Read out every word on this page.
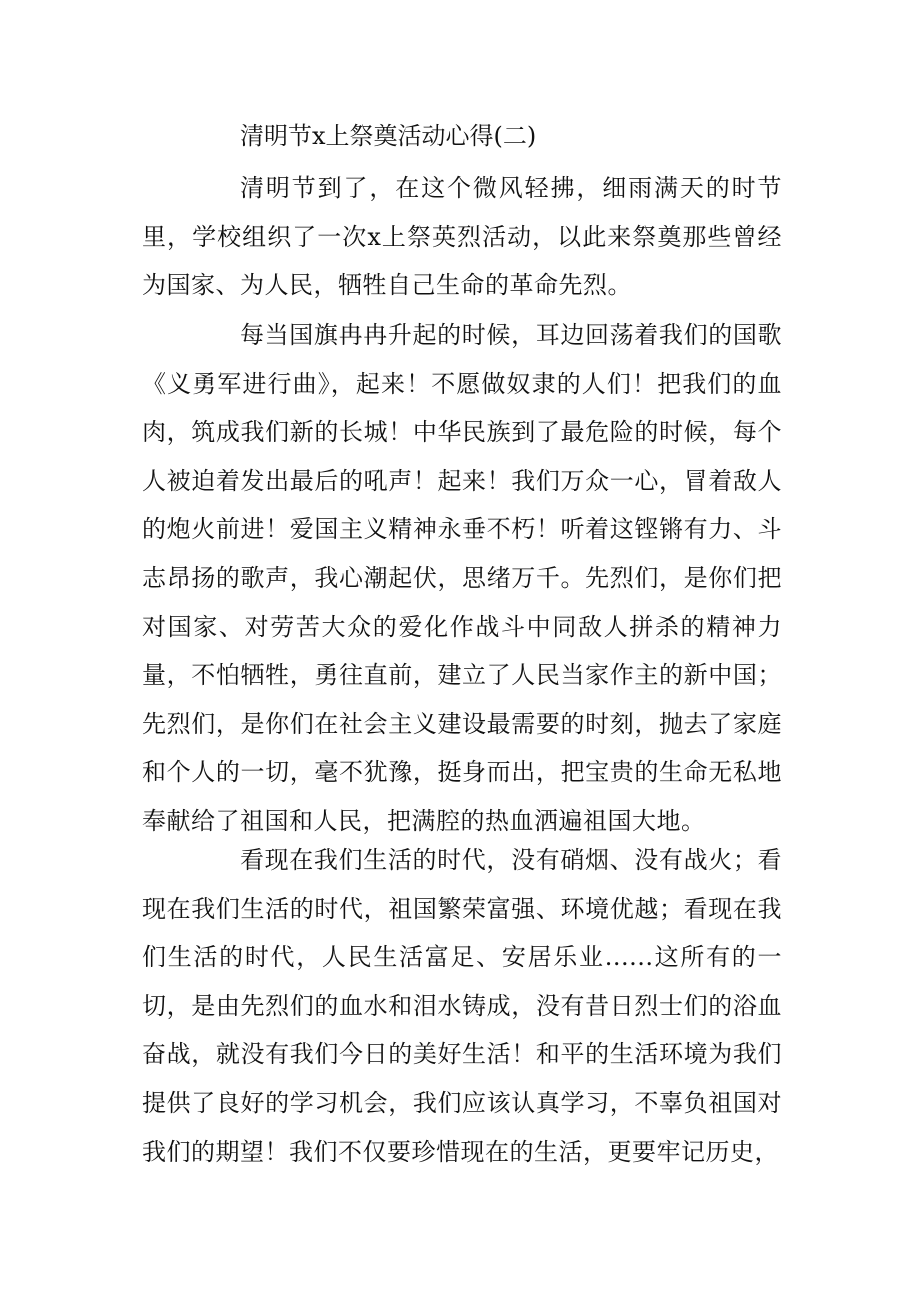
清明节x上祭奠活动心得(二)

清明节到了，在这个微风轻拂，细雨满天的时节里，学校组织了一次x上祭英烈活动，以此来祭奠那些曾经为国家、为人民，牺牲自己生命的革命先烈。

每当国旗冉冉升起的时候，耳边回荡着我们的国歌《义勇军进行曲》，起来！不愿做奴隶的人们！把我们的血肉，筑成我们新的长城！中华民族到了最危险的时候，每个人被迫着发出最后的吼声！起来！我们万众一心，冒着敌人的炮火前进！爱国主义精神永垂不朽！听着这铿锵有力、斗志昂扬的歌声，我心潮起伏，思绪万千。先烈们，是你们把对国家、对劳苦大众的爱化作战斗中同敌人拼杀的精神力量，不怕牺牲，勇往直前，建立了人民当家作主的新中国；先烈们，是你们在社会主义建设最需要的时刻，抛去了家庭和个人的一切，毫不犹豫，挺身而出，把宝贵的生命无私地奉献给了祖国和人民，把满腔的热血洒遍祖国大地。

看现在我们生活的时代，没有硝烟、没有战火；看现在我们生活的时代，祖国繁荣富强、环境优越；看现在我们生活的时代，人民生活富足、安居乐业......这所有的一切，是由先烈们的血水和泪水铸成，没有昔日烈士们的浴血奋战，就没有我们今日的美好生活！和平的生活环境为我们提供了良好的学习机会，我们应该认真学习，不辜负祖国对我们的期望！我们不仅要珍惜现在的生活，更要牢记历史，
